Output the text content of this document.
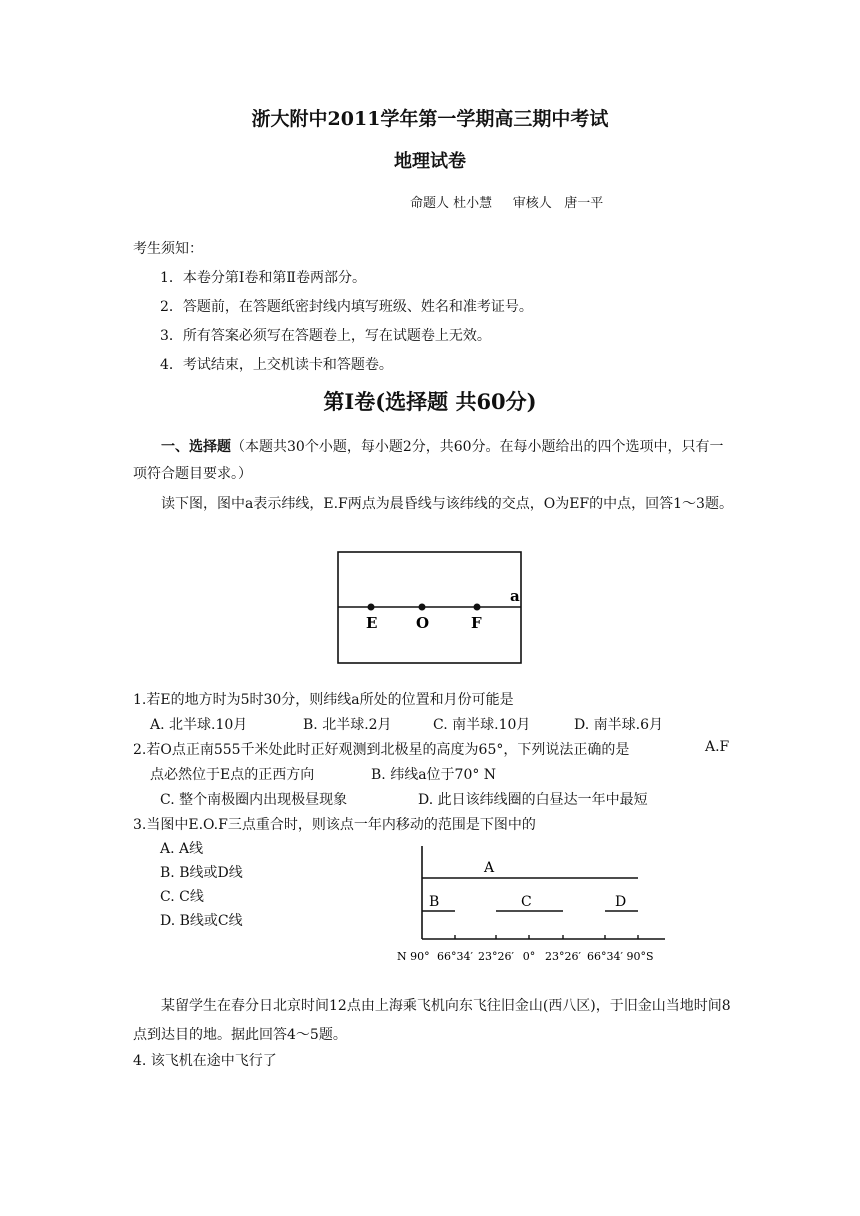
浙大附中2011学年第一学期高三期中考试
地理试卷
命题人 杜小慧     审核人   唐一平
考生须知：
1．本卷分第Ⅰ卷和第Ⅱ卷两部分。
2．答题前，在答题纸密封线内填写班级、姓名和准考证号。
3．所有答案必须写在答题卷上，写在试题卷上无效。
4．考试结束，上交机读卡和答题卷。
第Ⅰ卷(选择题 共60分)
一、选择题（本题共30个小题，每小题2分，共60分。在每小题给出的四个选项中，只有一项符合题目要求。）
读下图，图中a表示纬线，E.F两点为晨昏线与该纬线的交点，O为EF的中点，回答1～3题。
a
E	O	F
1.若E的地方时为5时30分，则纬线a所处的位置和月份可能是
A. 北半球.10月	B. 北半球.2月	C. 南半球.10月	D. 南半球.6月
2.若O点正南555千米处此时正好观测到北极星的高度为65°，下列说法正确的是	A.F
点必然位于E点的正西方向	B. 纬线a位于70° N
C. 整个南极圈内出现极昼现象	D. 此日该纬线圈的白昼达一年中最短
3.当图中E.O.F三点重合时，则该点一年内移动的范围是下图中的
A. A线
B. B线或D线
C. C线
D. B线或C线
A
B	C	D
N 90° 66°34′ 23°26′ 0° 23°26′ 66°34′ 90°S
某留学生在春分日北京时间12点由上海乘飞机向东飞往旧金山(西八区)，于旧金山当地时间8点到达目的地。据此回答4～5题。
4. 该飞机在途中飞行了
